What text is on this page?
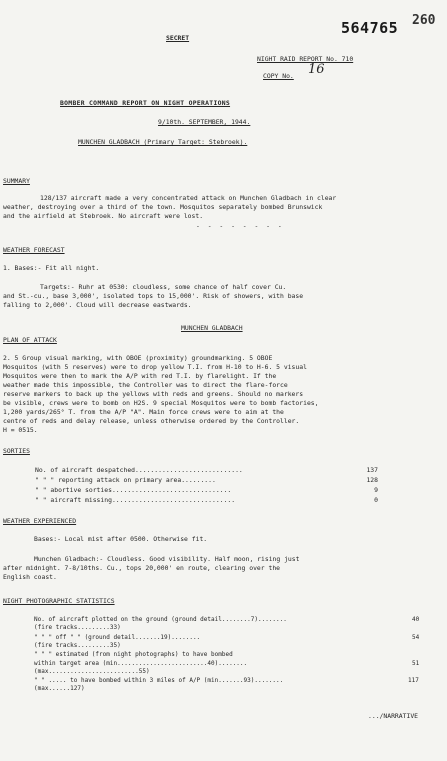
SECRET
564765 260
NIGHT RAID REPORT No. 710
COPY No. 16
BOMBER COMMAND REPORT ON NIGHT OPERATIONS
9/10th. SEPTEMBER, 1944.
MUNCHEN GLADBACH (Primary Target: Stebroek).
SUMMARY
128/137 aircraft made a very concentrated attack on Munchen Gladbach in clear
weather, destroying over a third of the town. Mosquitos separately bombed Brunswick
and the airfield at Stebroek. No aircraft were lost.
- - - - - - - -
WEATHER FORECAST
1. Bases:- Fit all night.
Targets:- Ruhr at 0530: cloudless, some chance of half cover Cu.
and St.-cu., base 3,000', isolated tops to 15,000'. Risk of showers, with base
falling to 2,000'. Cloud will decrease eastwards.
MUNCHEN GLADBACH
PLAN OF ATTACK
2. 5 Group visual marking, with OBOE (proximity) groundmarking. 5 OBOE
Mosquitos (with 5 reserves) were to drop yellow T.I. from H-10 to H-6. 5 visual
Mosquitos were then to mark the A/P with red T.I. by flarelight. If the
weather made this impossible, the Controller was to direct the flare-force
reserve markers to back up the yellows with reds and greens. Should no markers
be visible, crews were to bomb on H2S. 9 special Mosquitos were to bomb factories,
1,200 yards/265° T. from the A/P "A". Main force crews were to aim at the
centre of reds and delay release, unless otherwise ordered by the Controller.
H = 0515.
SORTIES
No. of aircraft despatched............................	137
" " " reporting attack on primary area.........	128
" " abortive sorties...............................	9
" " aircraft missing................................	0
WEATHER EXPERIENCED
Bases:- Local mist after 0500. Otherwise fit.
Munchen Gladbach:- Cloudless. Good visibility. Half moon, rising just
after midnight. 7-8/10ths. Cu., tops 20,000' en route, clearing over the
English coast.
NIGHT PHOTOGRAPHIC STATISTICS
No. of aircraft plotted on the ground (ground detail........7)........	40
(fire tracks.........33)
" " " off " " (ground detail.......19)........	54
(fire tracks.........35)
" " " estimated (from night photographs) to have bombed
within target area (min.........................40)........	51
(max.........................55)
" " ..... to have bombed within 3 miles of A/P (min.......93)........	117
(max......127)
.../NARRATIVE
